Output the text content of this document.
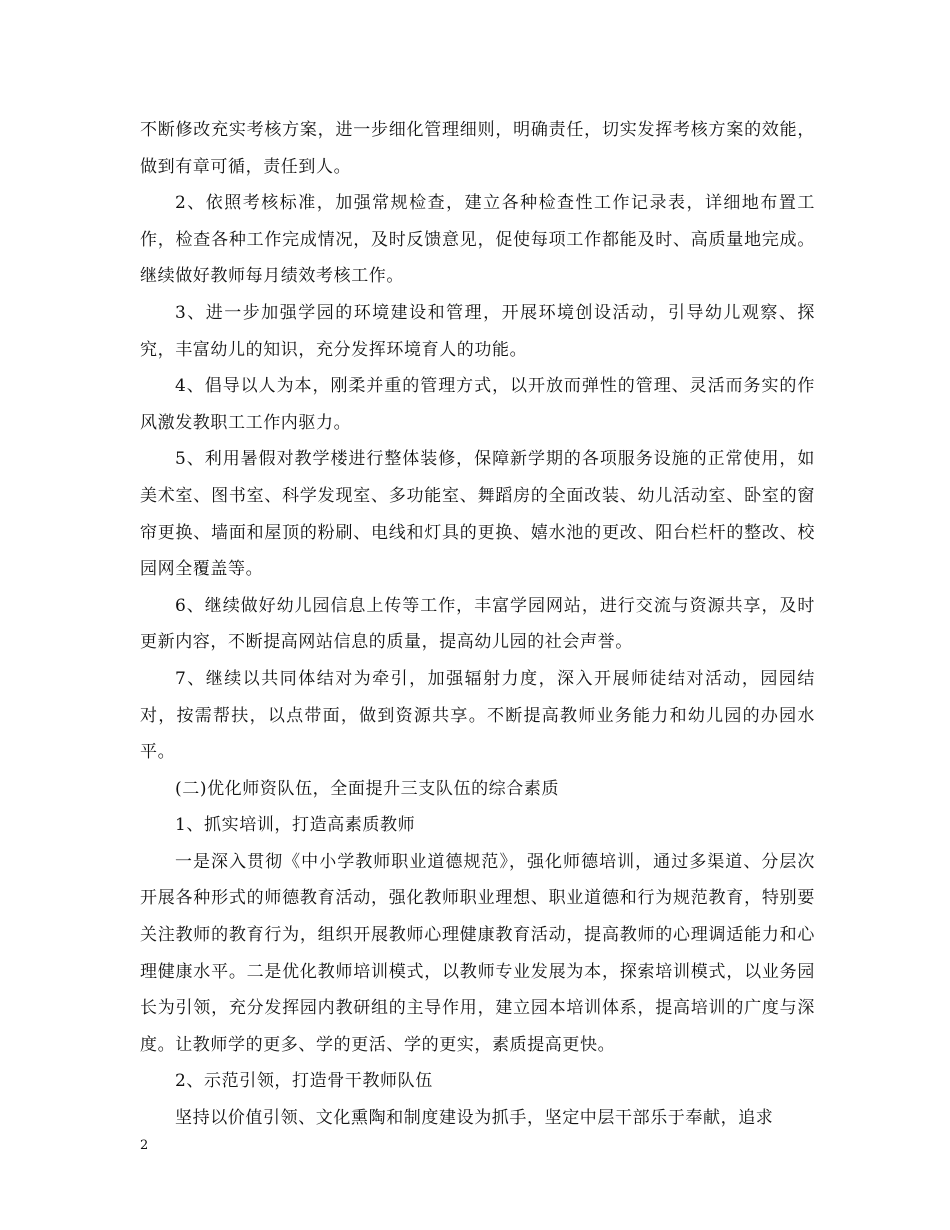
不断修改充实考核方案，进一步细化管理细则，明确责任，切实发挥考核方案的效能，做到有章可循，责任到人。

2、依照考核标准，加强常规检查，建立各种检查性工作记录表，详细地布置工作，检查各种工作完成情况，及时反馈意见，促使每项工作都能及时、高质量地完成。继续做好教师每月绩效考核工作。

3、进一步加强学园的环境建设和管理，开展环境创设活动，引导幼儿观察、探究，丰富幼儿的知识，充分发挥环境育人的功能。

4、倡导以人为本，刚柔并重的管理方式，以开放而弹性的管理、灵活而务实的作风激发教职工工作内驱力。

5、利用暑假对教学楼进行整体装修，保障新学期的各项服务设施的正常使用，如美术室、图书室、科学发现室、多功能室、舞蹈房的全面改装、幼儿活动室、卧室的窗帘更换、墙面和屋顶的粉刷、电线和灯具的更换、嬉水池的更改、阳台栏杆的整改、校园网全覆盖等。

6、继续做好幼儿园信息上传等工作，丰富学园网站，进行交流与资源共享，及时更新内容，不断提高网站信息的质量，提高幼儿园的社会声誉。

7、继续以共同体结对为牵引，加强辐射力度，深入开展师徒结对活动，园园结对，按需帮扶，以点带面，做到资源共享。不断提高教师业务能力和幼儿园的办园水平。

(二)优化师资队伍，全面提升三支队伍的综合素质

1、抓实培训，打造高素质教师

一是深入贯彻《中小学教师职业道德规范》，强化师德培训，通过多渠道、分层次开展各种形式的师德教育活动，强化教师职业理想、职业道德和行为规范教育，特别要关注教师的教育行为，组织开展教师心理健康教育活动，提高教师的心理调适能力和心理健康水平。二是优化教师培训模式，以教师专业发展为本，探索培训模式，以业务园长为引领，充分发挥园内教研组的主导作用，建立园本培训体系，提高培训的广度与深度。让教师学的更多、学的更活、学的更实，素质提高更快。

2、示范引领，打造骨干教师队伍

坚持以价值引领、文化熏陶和制度建设为抓手，坚定中层干部乐于奉献，追求

2
